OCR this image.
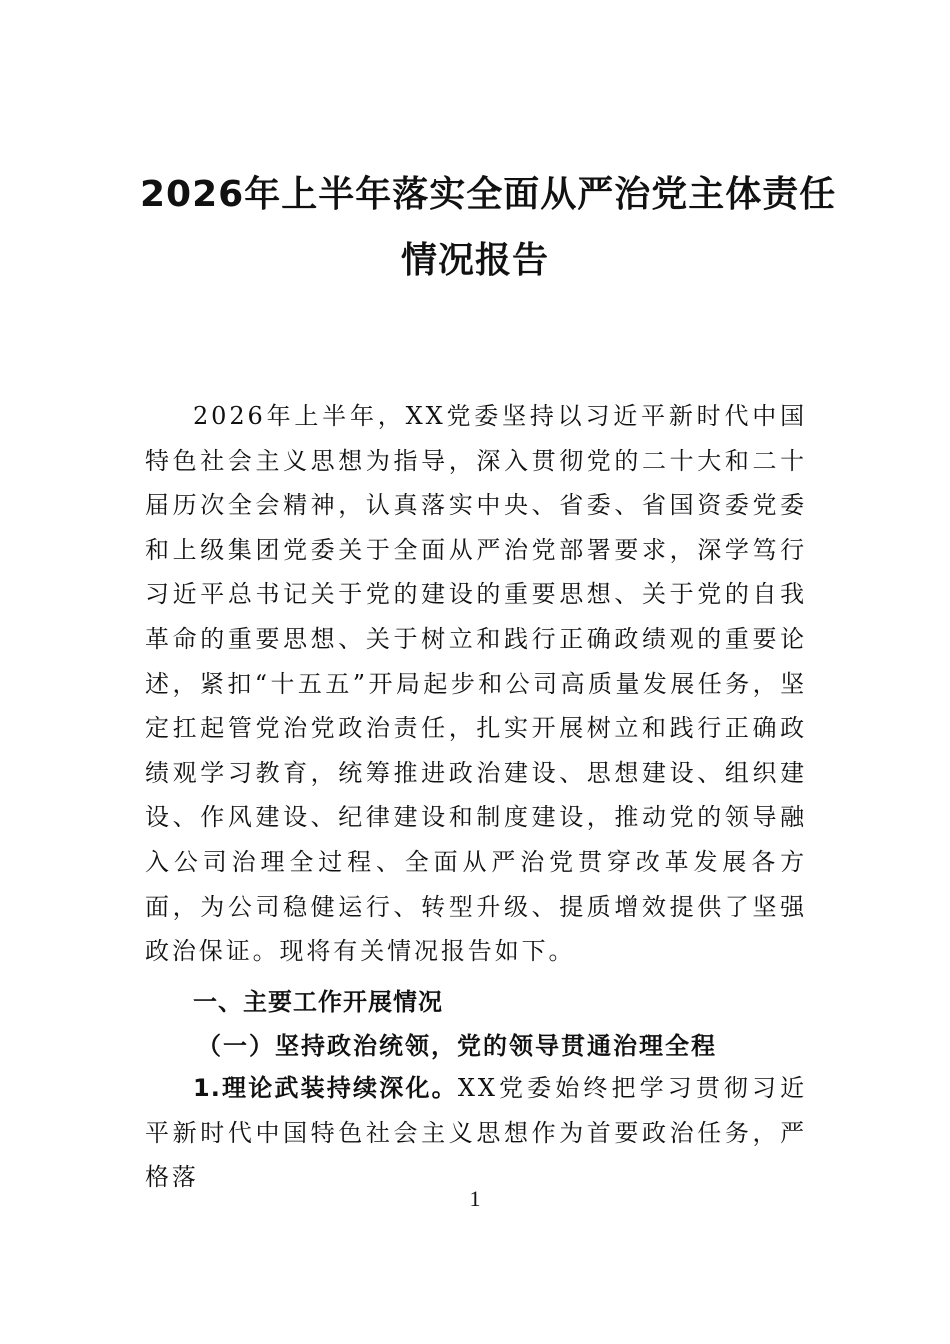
2026年上半年落实全面从严治党主体责任
情况报告

2026年上半年，XX党委坚持以习近平新时代中国特色社会主义思想为指导，深入贯彻党的二十大和二十届历次全会精神，认真落实中央、省委、省国资委党委和上级集团党委关于全面从严治党部署要求，深学笃行习近平总书记关于党的建设的重要思想、关于党的自我革命的重要思想、关于树立和践行正确政绩观的重要论述，紧扣“十五五”开局起步和公司高质量发展任务，坚定扛起管党治党政治责任，扎实开展树立和践行正确政绩观学习教育，统筹推进政治建设、思想建设、组织建设、作风建设、纪律建设和制度建设，推动党的领导融入公司治理全过程、全面从严治党贯穿改革发展各方面，为公司稳健运行、转型升级、提质增效提供了坚强政治保证。现将有关情况报告如下。

一、主要工作开展情况
（一）坚持政治统领，党的领导贯通治理全程

1.理论武装持续深化。XX党委始终把学习贯彻习近平新时代中国特色社会主义思想作为首要政治任务，严格落

1
